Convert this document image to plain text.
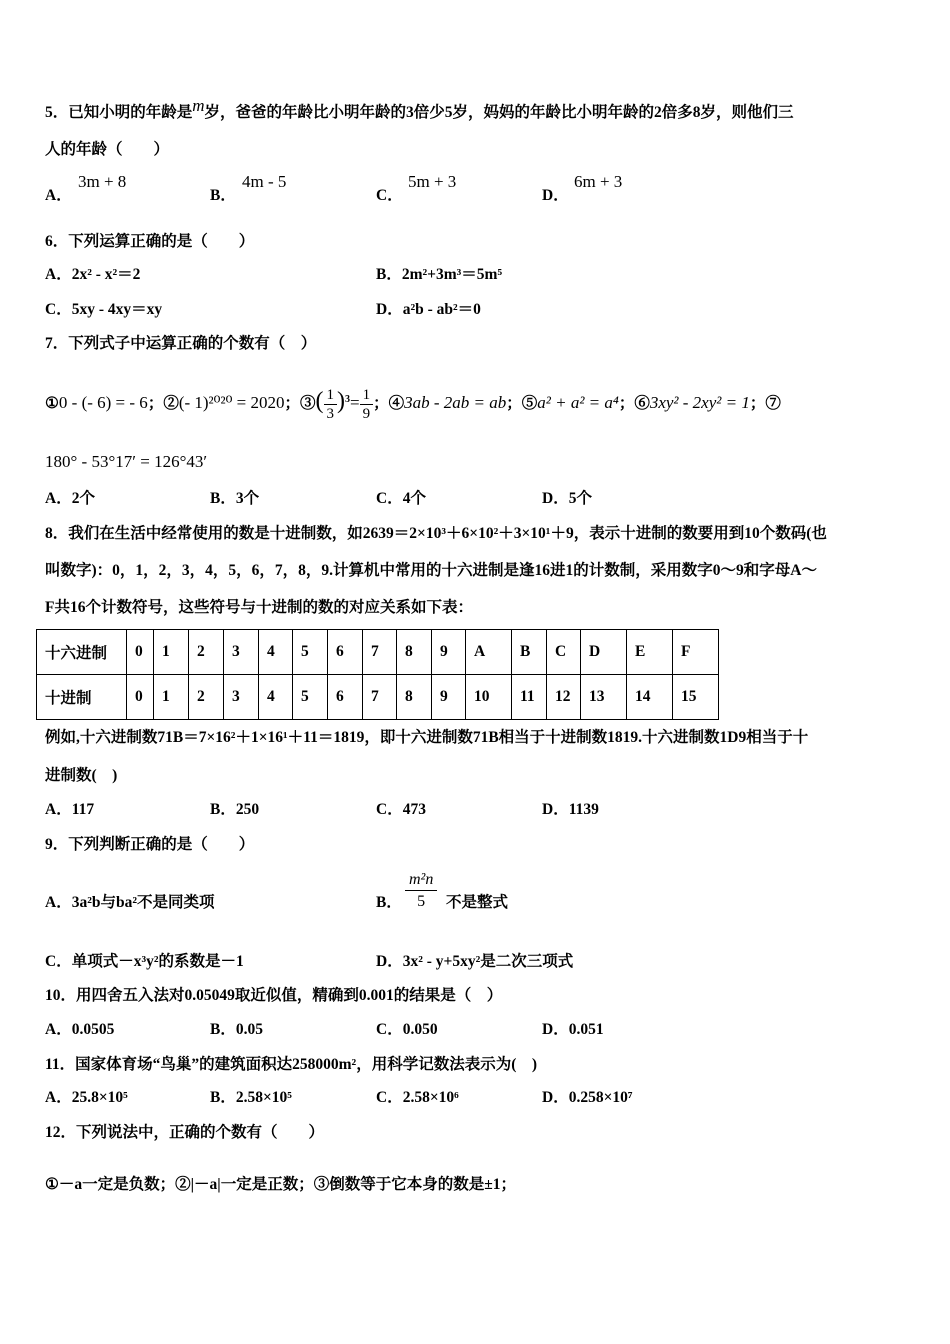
5．已知小明的年龄是m岁，爸爸的年龄比小明年龄的3倍少5岁，妈妈的年龄比小明年龄的2倍多8岁，则他们三
人的年龄（　　）
A．
3m + 8
B．
4m - 5
C．
5m + 3
D．
6m + 3
6．下列运算正确的是（　　）
A．2x² - x²＝2	B．2m²+3m³＝5m⁵
C．5xy - 4xy＝xy	D．a²b - ab²＝0
7．下列式子中运算正确的个数有（　）
①0 - (- 6) = - 6；②(- 1)²⁰²⁰ = 2020；③( $\frac{1}{3} )^3= \frac{1}{9}$ ；④3ab - 2ab = ab；⑤a² + a² = a⁴；⑥3xy² - 2xy² = 1；⑦
180° - 53°17′ = 126°43′
A．2个	B．3个	C．4个	D．5个
8．我们在生活中经常使用的数是十进制数，如2639＝2×10³＋6×10²＋3×10¹＋9，表示十进制的数要用到10个数码(也
叫数字)：0，1，2，3，4，5，6，7，8，9.计算机中常用的十六进制是逢16进1的计数制，采用数字0～9和字母A～
F共16个计数符号，这些符号与十进制的数的对应关系如下表：
十六进制	0	1	2	3	4	5	6	7	8	9	A	B	C	D	E	F
十进制	0	1	2	3	4	5	6	7	8	9	10	11	12	13	14	15
例如,十六进制数71B＝7×16²＋1×16¹＋11＝1819，即十六进制数71B相当于十进制数1819.十六进制数1D9相当于十
进制数(　)
A．117	B．250	C．473	D．1139
9．下列判断正确的是（　　）
A．3a²b与ba²不是同类项	B． $\frac{\text{m²n}}{5}$ 不是整式
C．单项式－x³y²的系数是－1	D．3x² - y+5xy²是二次三项式
10．用四舍五入法对0.05049取近似值，精确到0.001的结果是（　）
A．0.0505	B．0.05	C．0.050	D．0.051
11．国家体育场“鸟巢”的建筑面积达258000m²，用科学记数法表示为(　)
A．25.8×10⁵	B．2.58×10⁵	C．2.58×10⁶	D．0.258×10⁷
12．下列说法中，正确的个数有（　　）
①－a一定是负数；②|－a|一定是正数；③倒数等于它本身的数是±1；
